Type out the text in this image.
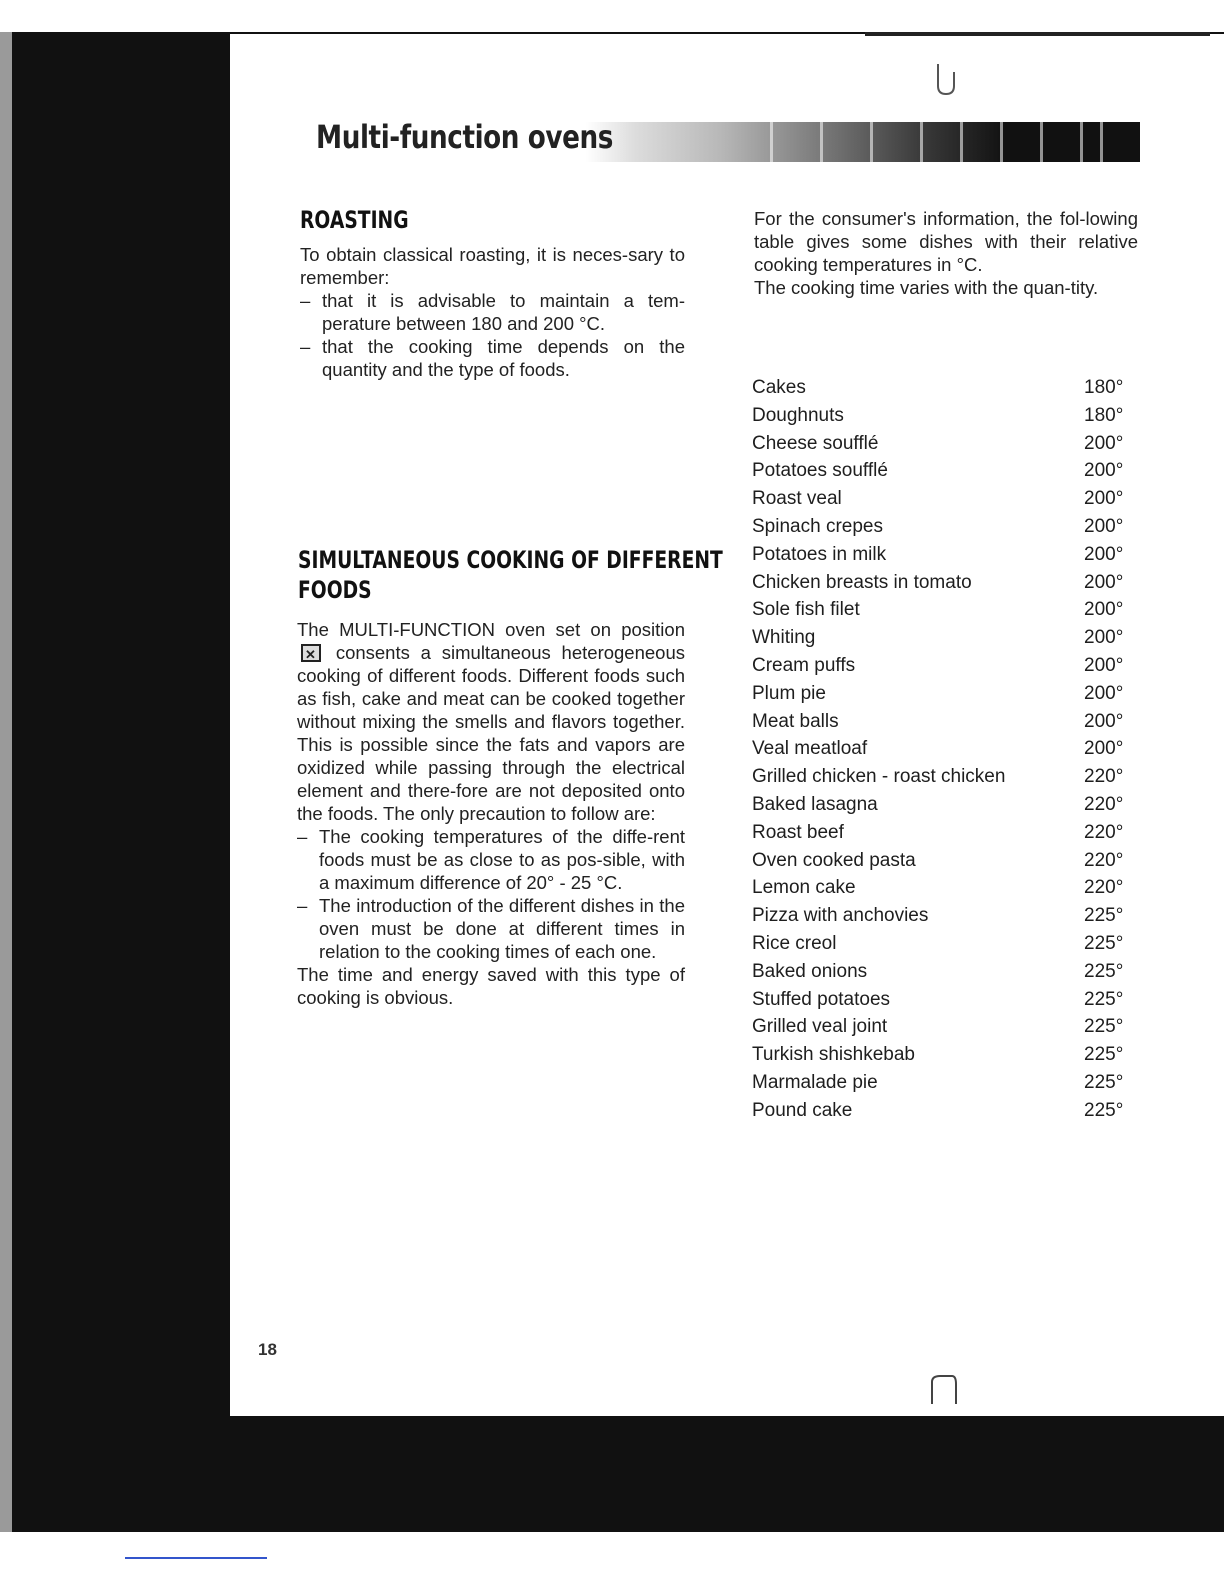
Multi-function ovens
ROASTING

To obtain classical roasting, it is neces-sary to remember:

– that it is advisable to maintain a tem-perature between 180 and 200 °C.
– that the cooking time depends on the quantity and the type of foods.
SIMULTANEOUS COOKING OF DIFFERENT
FOODS

The MULTI-FUNCTION oven set on position ✕ consents a simultaneous heterogeneous cooking of different foods. Different foods such as fish, cake and meat can be cooked together without mixing the smells and flavors together. This is possible since the fats and vapors are oxidized while passing through the electrical element and there-fore are not deposited onto the foods. The only precaution to follow are:

– The cooking temperatures of the diffe-rent foods must be as close to as pos-sible, with a maximum difference of 20° - 25 °C.
– The introduction of the different dishes in the oven must be done at different times in relation to the cooking times of each one.

The time and energy saved with this type of cooking is obvious.

For the consumer's information, the fol-lowing table gives some dishes with their relative cooking temperatures in °C.

The cooking time varies with the quan-tity.

Cakes	180°
Doughnuts	180°
Cheese soufflé	200°
Potatoes soufflé	200°
Roast veal	200°
Spinach crepes	200°
Potatoes in milk	200°
Chicken breasts in tomato	200°
Sole fish filet	200°
Whiting	200°
Cream puffs	200°
Plum pie	200°
Meat balls	200°
Veal meatloaf	200°
Grilled chicken - roast chicken	220°
Baked lasagna	220°
Roast beef	220°
Oven cooked pasta	220°
Lemon cake	220°
Pizza with anchovies	225°
Rice creol	225°
Baked onions	225°
Stuffed potatoes	225°
Grilled veal joint	225°
Turkish shishkebab	225°
Marmalade pie	225°
Pound cake	225°
18
